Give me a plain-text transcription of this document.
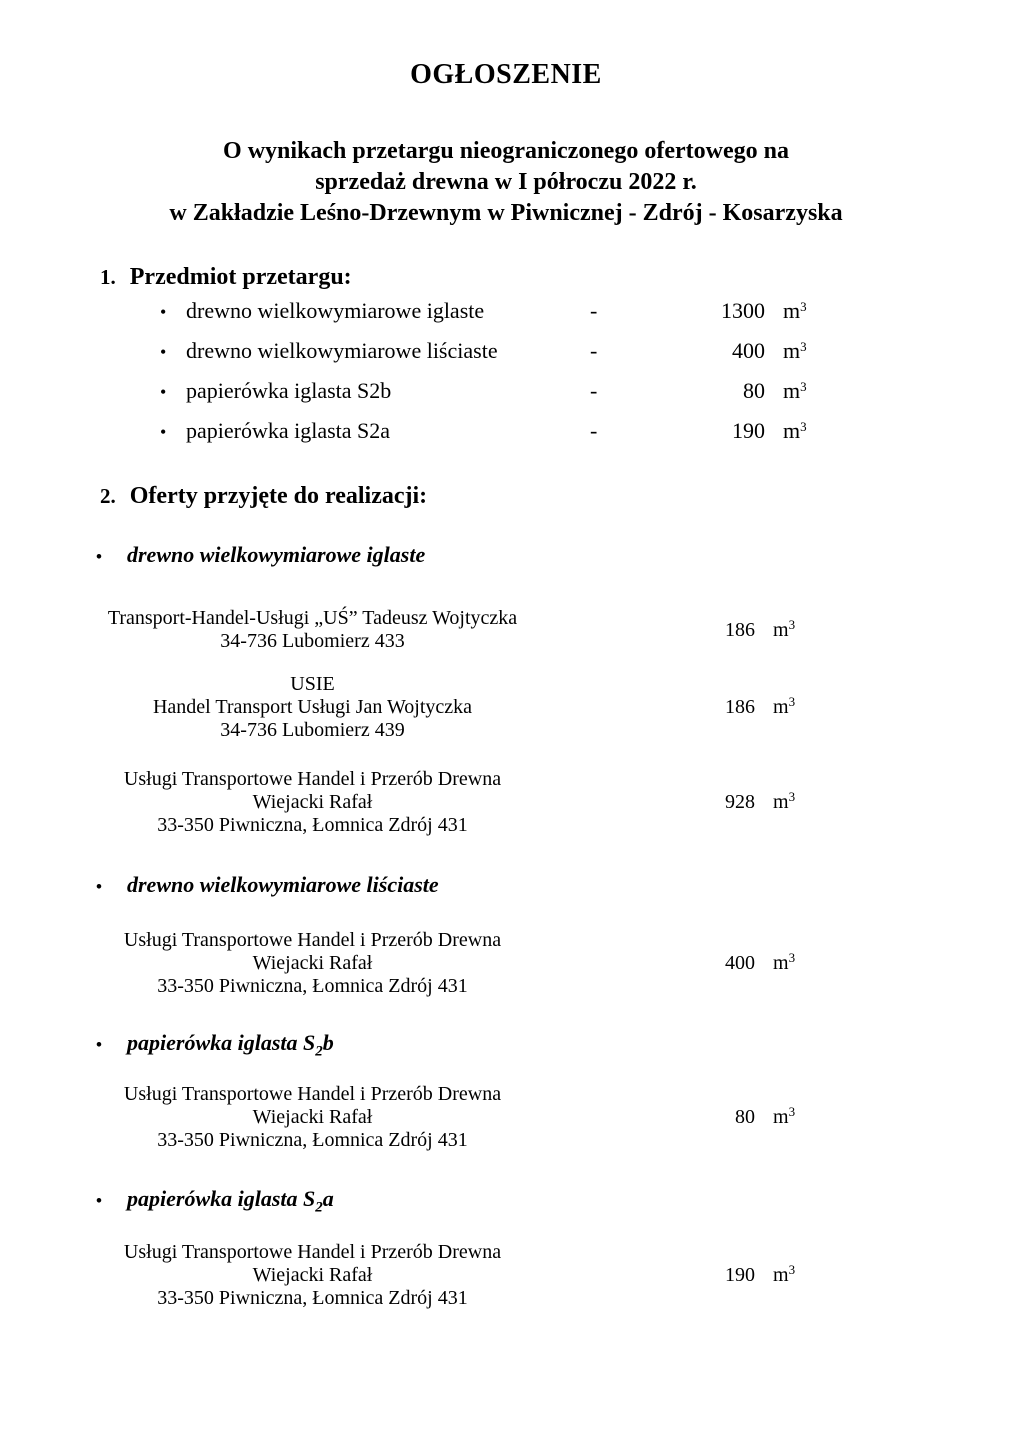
OGŁOSZENIE
O wynikach przetargu nieograniczonego ofertowego na
sprzedaż drewna w I półroczu 2022 r.
w Zakładzie Leśno-Drzewnym w Piwnicznej - Zdrój - Kosarzyska
1. Przedmiot przetargu:
• drewno wielkowymiarowe iglaste	-	1300 $m^3$
• drewno wielkowymiarowe liściaste	-	400 $m^3$
• papierówka iglasta S2b	-	80 $m^3$
• papierówka iglasta S2a	-	190 $m^3$
2. Oferty przyjęte do realizacji:
•	drewno wielkowymiarowe iglaste
Transport-Handel-Usługi „UŚ” Tadeusz Wojtyczka
34-736 Lubomierz 433
186 $m^3$
USIE
Handel Transport Usługi Jan Wojtyczka
34-736 Lubomierz 439
186 $m^3$
Usługi Transportowe Handel i Przerób Drewna
Wiejacki Rafał
33-350 Piwniczna, Łomnica Zdrój 431
928 $m^3$
•	drewno wielkowymiarowe liściaste
Usługi Transportowe Handel i Przerób Drewna
Wiejacki Rafał
33-350 Piwniczna, Łomnica Zdrój 431
400 $m^3$
•	papierówka iglasta $S_2b$
Usługi Transportowe Handel i Przerób Drewna
Wiejacki Rafał
33-350 Piwniczna, Łomnica Zdrój 431
80 $m^3$
•	papierówka iglasta $S_2a$
Usługi Transportowe Handel i Przerób Drewna
Wiejacki Rafał
33-350 Piwniczna, Łomnica Zdrój 431
190 $m^3$
